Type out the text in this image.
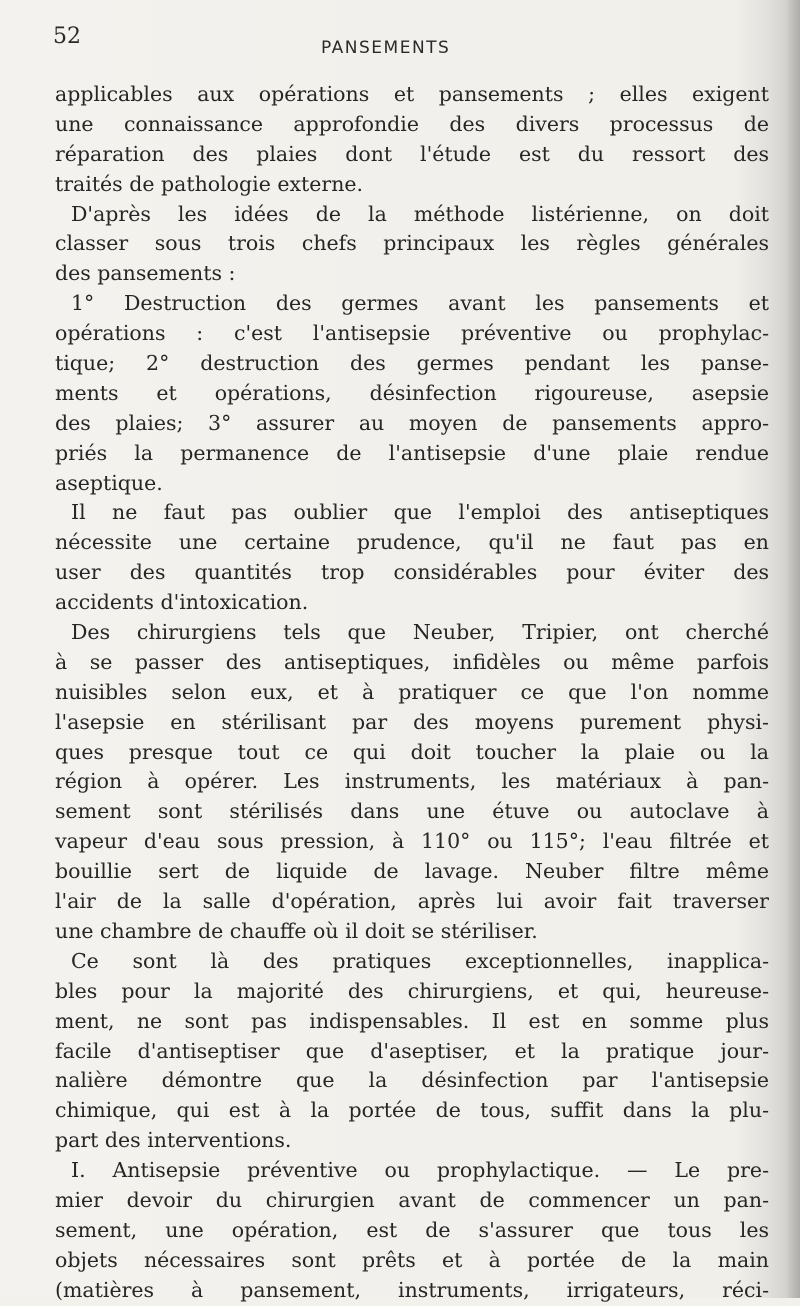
52	PANSEMENTS
applicables aux opérations et pansements ; elles exigent
une connaissance approfondie des divers processus de
réparation des plaies dont l'étude est du ressort des
traités de pathologie externe.
D'après les idées de la méthode listérienne, on doit
classer sous trois chefs principaux les règles générales
des pansements :
1° Destruction des germes avant les pansements et
opérations : c'est l'antisepsie préventive ou prophylac-
tique; 2° destruction des germes pendant les panse-
ments et opérations, désinfection rigoureuse, asepsie
des plaies; 3° assurer au moyen de pansements appro-
priés la permanence de l'antisepsie d'une plaie rendue
aseptique.
Il ne faut pas oublier que l'emploi des antiseptiques
nécessite une certaine prudence, qu'il ne faut pas en
user des quantités trop considérables pour éviter des
accidents d'intoxication.
Des chirurgiens tels que Neuber, Tripier, ont cherché
à se passer des antiseptiques, infidèles ou même parfois
nuisibles selon eux, et à pratiquer ce que l'on nomme
l'asepsie en stérilisant par des moyens purement physi-
ques presque tout ce qui doit toucher la plaie ou la
région à opérer. Les instruments, les matériaux à pan-
sement sont stérilisés dans une étuve ou autoclave à
vapeur d'eau sous pression, à 110° ou 115°; l'eau filtrée et
bouillie sert de liquide de lavage. Neuber filtre même
l'air de la salle d'opération, après lui avoir fait traverser
une chambre de chauffe où il doit se stériliser.
Ce sont là des pratiques exceptionnelles, inapplica-
bles pour la majorité des chirurgiens, et qui, heureuse-
ment, ne sont pas indispensables. Il est en somme plus
facile d'antiseptiser que d'aseptiser, et la pratique jour-
nalière démontre que la désinfection par l'antisepsie
chimique, qui est à la portée de tous, suffit dans la plu-
part des interventions.
I. Antisepsie préventive ou prophylactique. — Le pre-
mier devoir du chirurgien avant de commencer un pan-
sement, une opération, est de s'assurer que tous les
objets nécessaires sont prêts et à portée de la main
(matières à pansement, instruments, irrigateurs, réci-
